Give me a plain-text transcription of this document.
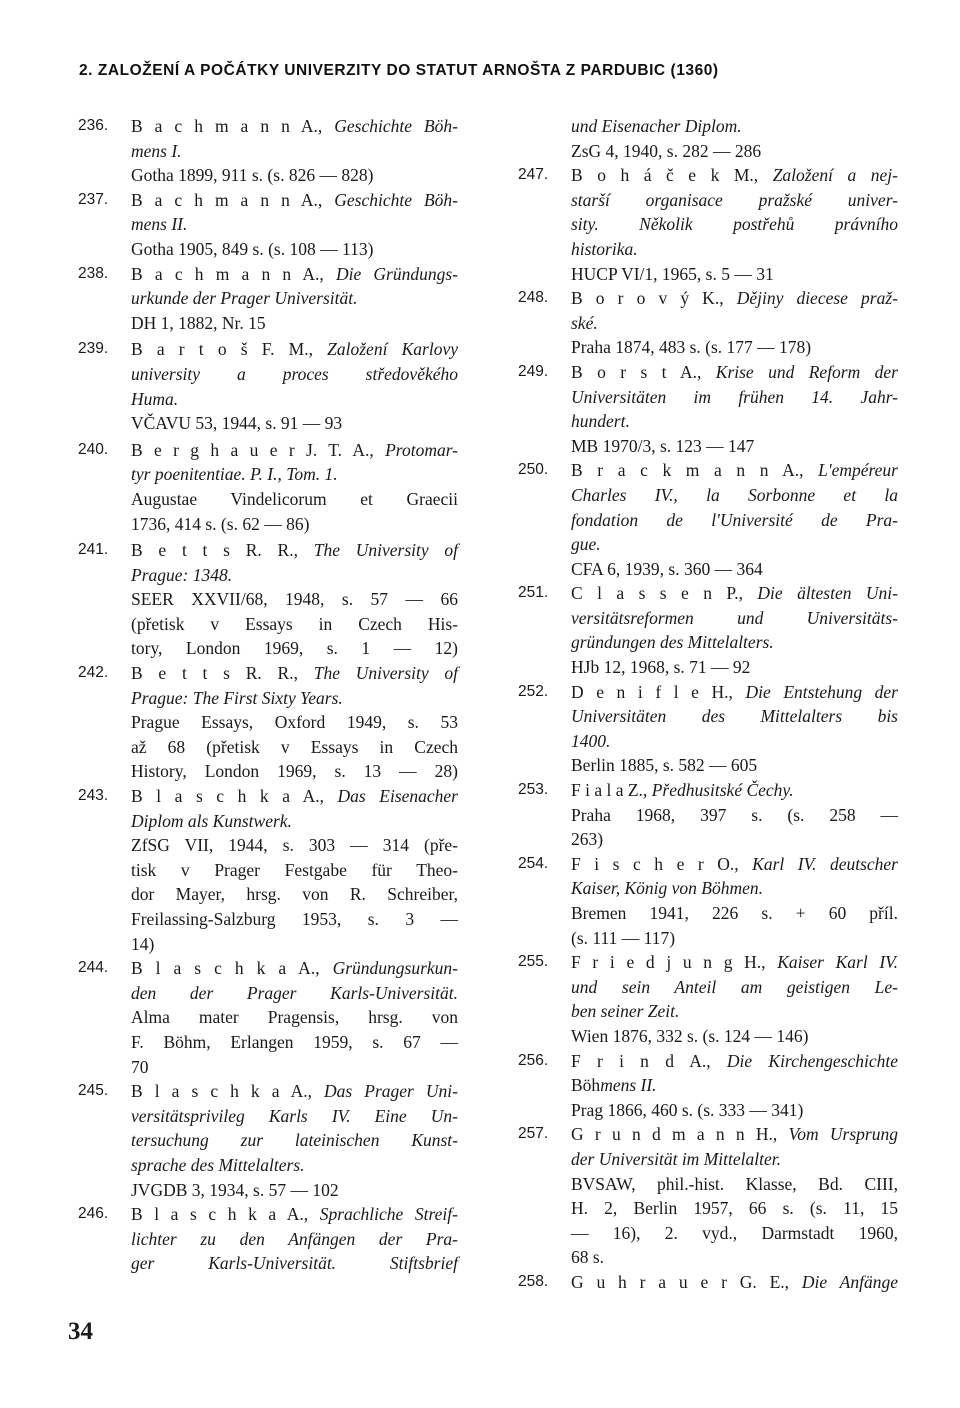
2. ZALOŽENÍ A POČÁTKY UNIVERZITY DO STATUT ARNOŠTA Z PARDUBIC (1360)
236.	B a c h m a n n A., Geschichte Böh-
mens I.
Gotha 1899, 911 s. (s. 826 — 828)
237.	B a c h m a n n A., Geschichte Böh-
mens II.
Gotha 1905, 849 s. (s. 108 — 113)
238.	B a c h m a n n A., Die Gründungs-
urkunde der Prager Universität.
DH 1, 1882, Nr. 15
239.	B a r t o š F. M., Založení Karlovy
university a proces středověkého
Huma.
VČAVU 53, 1944, s. 91 — 93
240.	B e r g h a u e r J. T. A., Protomar-
tyr poenitentiae. P. I., Tom. 1.
Augustae Vindelicorum et Graecii
1736, 414 s. (s. 62 — 86)
241.	B e t t s R. R., The University of
Prague: 1348.
SEER XXVII/68, 1948, s. 57 — 66
(přetisk v Essays in Czech His-
tory, London 1969, s. 1 — 12)
242.	B e t t s R. R., The University of
Prague: The First Sixty Years.
Prague Essays, Oxford 1949, s. 53
až 68 (přetisk v Essays in Czech
History, London 1969, s. 13 — 28)
243.	B l a s c h k a A., Das Eisenacher
Diplom als Kunstwerk.
ZfSG VII, 1944, s. 303 — 314 (pře-
tisk v Prager Festgabe für Theo-
dor Mayer, hrsg. von R. Schreiber,
Freilassing-Salzburg 1953, s. 3 —
14)
244.	B l a s c h k a A., Gründungsurkun-
den der Prager Karls-Universität.
Alma mater Pragensis, hrsg. von
F. Böhm, Erlangen 1959, s. 67 —
70
245.	B l a s c h k a A., Das Prager Uni-
versitätsprivileg Karls IV. Eine Un-
tersuchung zur lateinischen Kunst-
sprache des Mittelalters.
JVGDB 3, 1934, s. 57 — 102
246.	B l a s c h k a A., Sprachliche Streif-
lichter zu den Anfängen der Pra-
ger Karls-Universität. Stiftsbrief
und Eisenacher Diplom.
ZsG 4, 1940, s. 282 — 286
247.	B o h á č e k M., Založení a nej-
starší organisace pražské univer-
sity. Několik postřehů právního
historika.
HUCP VI/1, 1965, s. 5 — 31
248.	B o r o v ý K., Dějiny diecese praž-
ské.
Praha 1874, 483 s. (s. 177 — 178)
249.	B o r s t A., Krise und Reform der
Universitäten im frühen 14. Jahr-
hundert.
MB 1970/3, s. 123 — 147
250.	B r a c k m a n n A., L'empéreur
Charles IV., la Sorbonne et la
fondation de l'Université de Pra-
gue.
CFA 6, 1939, s. 360 — 364
251.	C l a s s e n P., Die ältesten Uni-
versitätsreformen und Universitäts-
gründungen des Mittelalters.
HJb 12, 1968, s. 71 — 92
252.	D e n i f l e H., Die Entstehung der
Universitäten des Mittelalters bis
1400.
Berlin 1885, s. 582 — 605
253.	F i a l a Z., Předhusitské Čechy.
Praha 1968, 397 s. (s. 258 —
263)
254.	F i s c h e r O., Karl IV. deutscher
Kaiser, König von Böhmen.
Bremen 1941, 226 s. + 60 příl.
(s. 111 — 117)
255.	F r i e d j u n g H., Kaiser Karl IV.
und sein Anteil am geistigen Le-
ben seiner Zeit.
Wien 1876, 332 s. (s. 124 — 146)
256.	F r i n d A., Die Kirchengeschichte
Böhmens II.
Prag 1866, 460 s. (s. 333 — 341)
257.	G r u n d m a n n H., Vom Ursprung
der Universität im Mittelalter.
BVSAW, phil.-hist. Klasse, Bd. CIII,
H. 2, Berlin 1957, 66 s. (s. 11, 15
— 16), 2. vyd., Darmstadt 1960,
68 s.
258.	G u h r a u e r G. E., Die Anfänge
34
